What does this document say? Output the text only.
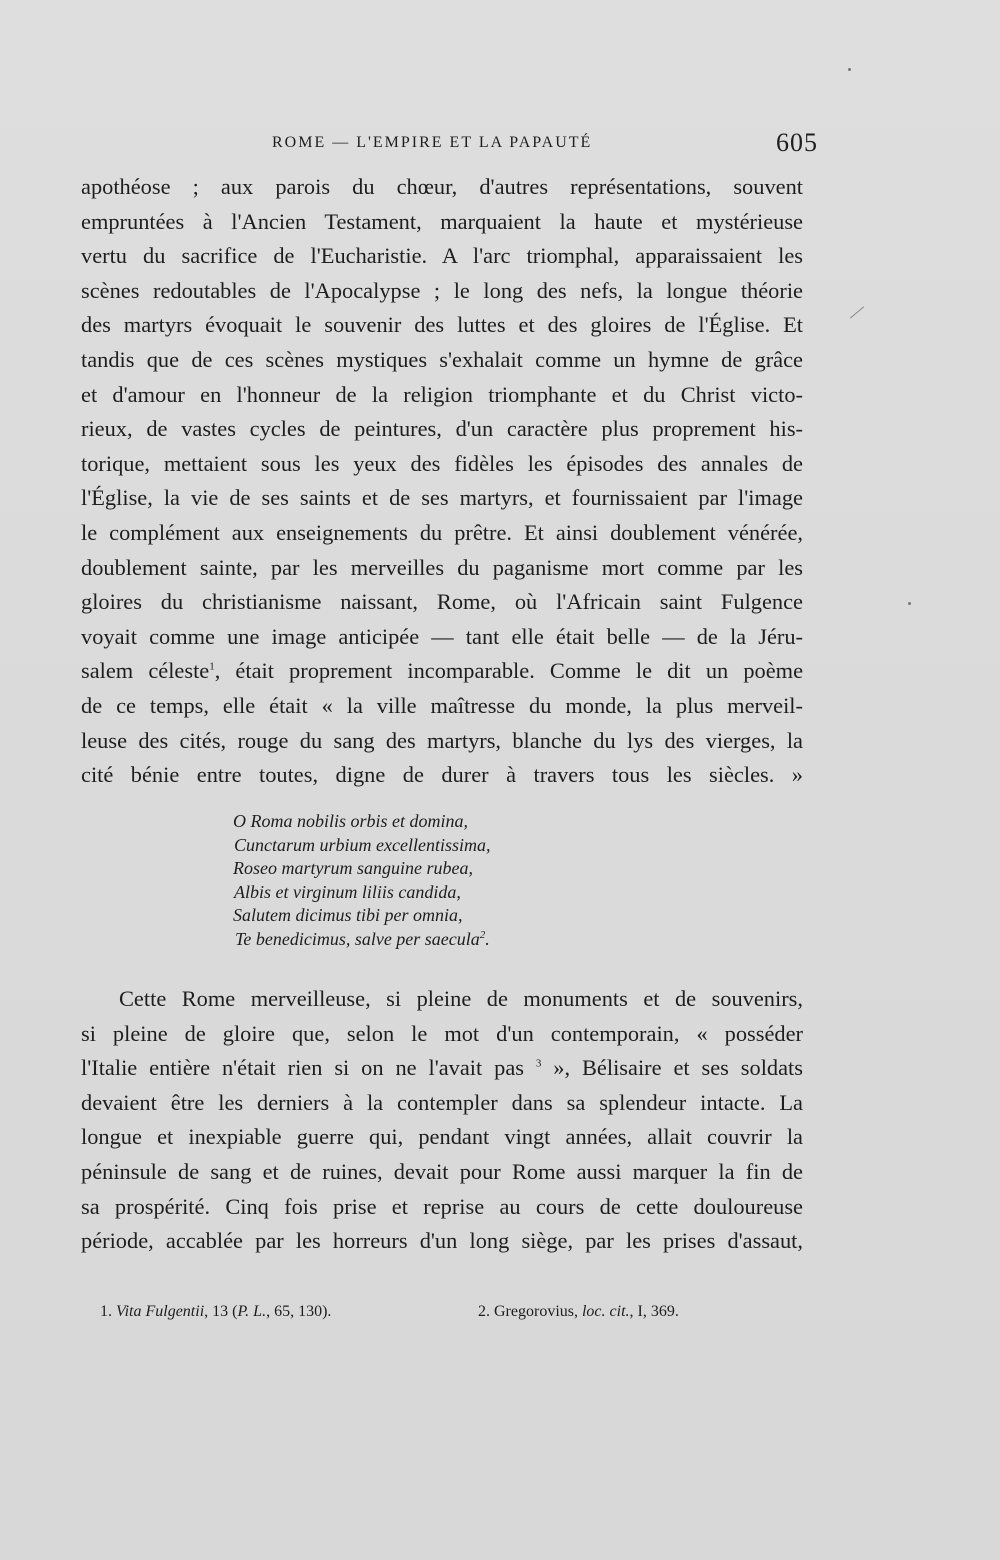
ROME — L'EMPIRE ET LA PAPAUTÉ	605
apothéose ; aux parois du chœur, d'autres représentations, souvent
empruntées à l'Ancien Testament, marquaient la haute et mystérieuse
vertu du sacrifice de l'Eucharistie. A l'arc triomphal, apparaissaient les
scènes redoutables de l'Apocalypse ; le long des nefs, la longue théorie
des martyrs évoquait le souvenir des luttes et des gloires de l'Église. Et
tandis que de ces scènes mystiques s'exhalait comme un hymne de grâce
et d'amour en l'honneur de la religion triomphante et du Christ victo-
rieux, de vastes cycles de peintures, d'un caractère plus proprement his-
torique, mettaient sous les yeux des fidèles les épisodes des annales de
l'Église, la vie de ses saints et de ses martyrs, et fournissaient par l'image
le complément aux enseignements du prêtre. Et ainsi doublement vénérée,
doublement sainte, par les merveilles du paganisme mort comme par les
gloires du christianisme naissant, Rome, où l'Africain saint Fulgence
voyait comme une image anticipée — tant elle était belle — de la Jéru-
salem céleste$^1$, était proprement incomparable. Comme le dit un poème
de ce temps, elle était « la ville maîtresse du monde, la plus merveil-
leuse des cités, rouge du sang des martyrs, blanche du lys des vierges, la
cité bénie entre toutes, digne de durer à travers tous les siècles. »
O Roma nobilis orbis et domina,
Cunctarum urbium excellentissima,
Roseo martyrum sanguine rubea,
Albis et virginum liliis candida,
Salutem dicimus tibi per omnia,
Te benedicimus, salve per saecula$^2$.
Cette Rome merveilleuse, si pleine de monuments et de souvenirs,
si pleine de gloire que, selon le mot d'un contemporain, « posséder
l'Italie entière n'était rien si on ne l'avait pas $^3$ », Bélisaire et ses soldats
devaient être les derniers à la contempler dans sa splendeur intacte. La
longue et inexpiable guerre qui, pendant vingt années, allait couvrir la
péninsule de sang et de ruines, devait pour Rome aussi marquer la fin de
sa prospérité. Cinq fois prise et reprise au cours de cette douloureuse
période, accablée par les horreurs d'un long siège, par les prises d'assaut,
1. Vita Fulgentii, 13 (P. L., 65, 130).	2. Gregorovius, loc. cit., I, 369.
